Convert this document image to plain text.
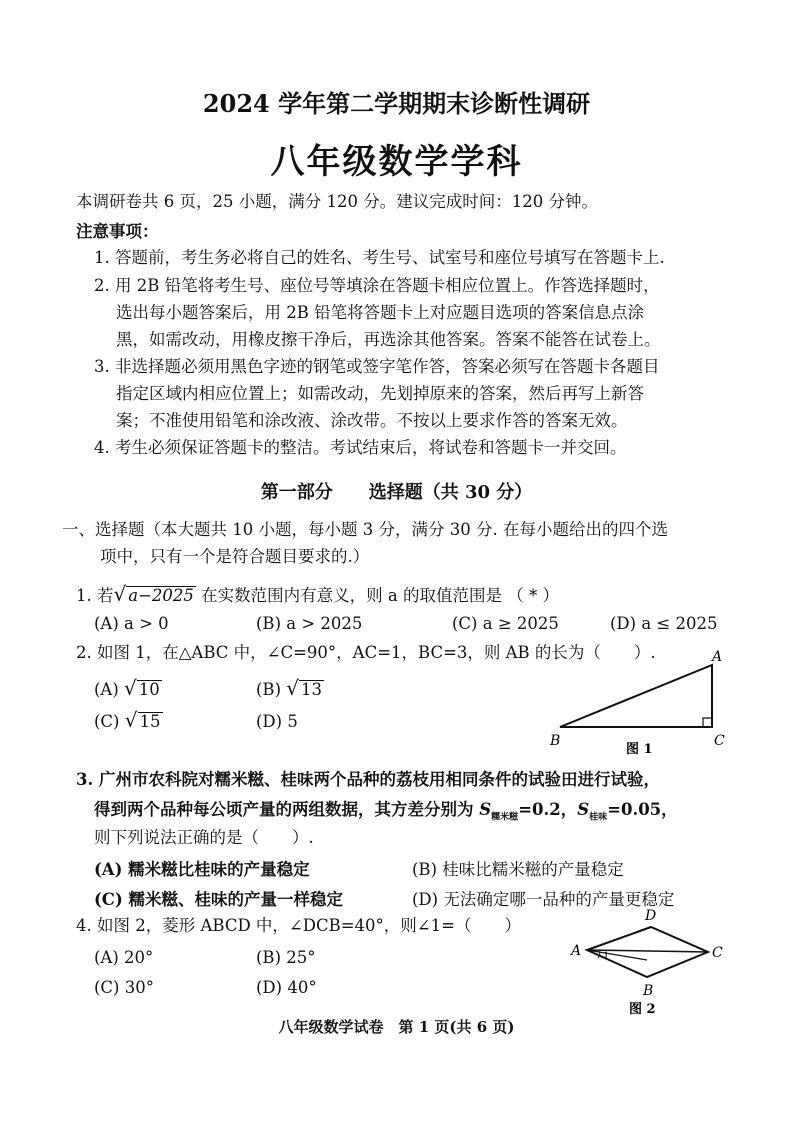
2024 学年第二学期期末诊断性调研
八年级数学学科
本调研卷共 6 页，25 小题，满分 120 分。建议完成时间：120 分钟。
注意事项：
1. 答题前，考生务必将自己的姓名、考生号、试室号和座位号填写在答题卡上.
2. 用 2B 铅笔将考生号、座位号等填涂在答题卡相应位置上。作答选择题时，
选出每小题答案后，用 2B 铅笔将答题卡上对应题目选项的答案信息点涂
黑，如需改动，用橡皮擦干净后，再选涂其他答案。答案不能答在试卷上。
3. 非选择题必须用黑色字迹的钢笔或签字笔作答，答案必须写在答题卡各题目
指定区域内相应位置上；如需改动，先划掉原来的答案，然后再写上新答
案；不准使用铅笔和涂改液、涂改带。不按以上要求作答的答案无效。
4. 考生必须保证答题卡的整洁。考试结束后，将试卷和答题卡一并交回。
第一部分　　选择题（共 30 分）
一、选择题（本大题共 10 小题，每小题 3 分，满分 30 分. 在每小题给出的四个选
项中，只有一个是符合题目要求的.）
1. 若√ a−2025 在实数范围内有意义，则 a 的取值范围是 （ * ）
(A) a > 0	(B) a > 2025	(C) a ≥ 2025	(D) a ≤ 2025
2. 如图 1，在△ABC 中，∠C=90°，AC=1，BC=3，则 AB 的长为（　　）.
(A) √ 10	(B) √ 13
(C) √ 15	(D) 5
A
B	C
图 1
3. 广州市农科院对糯米糍、桂味两个品种的荔枝用相同条件的试验田进行试验，
得到两个品种每公顷产量的两组数据，其方差分别为 $S_{糯米糍}=0.2$，$S_{桂味}=0.05$，
则下列说法正确的是（　　）.
(A) 糯米糍比桂味的产量稳定	(B) 桂味比糯米糍的产量稳定
(C) 糯米糍、桂味的产量一样稳定	(D) 无法确定哪一品种的产量更稳定
4. 如图 2，菱形 ABCD 中，∠DCB=40°，则∠1=（　　）
(A) 20°	(B) 25°
(C) 30°	(D) 40°
1
A
D
C
B
图 2
八年级数学试卷　第 1 页(共 6 页)
